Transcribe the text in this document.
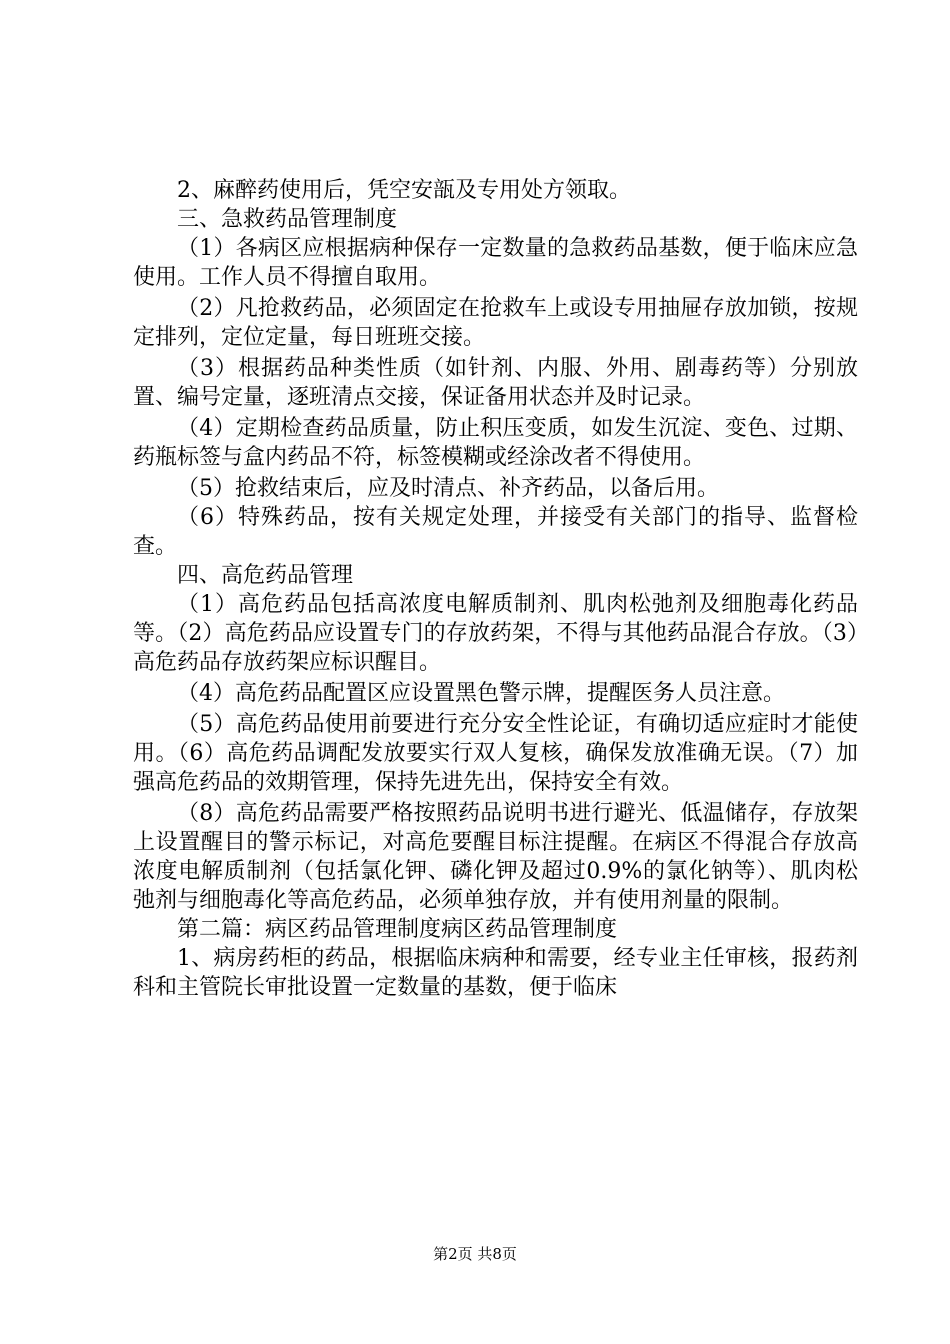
2、麻醉药使用后，凭空安瓿及专用处方领取。

三、急救药品管理制度

（1）各病区应根据病种保存一定数量的急救药品基数，便于临床应急使用。工作人员不得擅自取用。

（2）凡抢救药品，必须固定在抢救车上或设专用抽屉存放加锁，按规定排列，定位定量，每日班班交接。

（3）根据药品种类性质（如针剂、内服、外用、剧毒药等）分别放置、编号定量，逐班清点交接，保证备用状态并及时记录。

（4）定期检查药品质量，防止积压变质，如发生沉淀、变色、过期、药瓶标签与盒内药品不符，标签模糊或经涂改者不得使用。

（5）抢救结束后，应及时清点、补齐药品，以备后用。

（6）特殊药品，按有关规定处理，并接受有关部门的指导、监督检查。

四、高危药品管理

（1）高危药品包括高浓度电解质制剂、肌肉松弛剂及细胞毒化药品等。（2）高危药品应设置专门的存放药架，不得与其他药品混合存放。（3）高危药品存放药架应标识醒目。

（4）高危药品配置区应设置黑色警示牌，提醒医务人员注意。

（5）高危药品使用前要进行充分安全性论证，有确切适应症时才能使用。（6）高危药品调配发放要实行双人复核，确保发放准确无误。（7）加强高危药品的效期管理，保持先进先出，保持安全有效。

（8）高危药品需要严格按照药品说明书进行避光、低温储存，存放架上设置醒目的警示标记，对高危要醒目标注提醒。在病区不得混合存放高浓度电解质制剂（包括氯化钾、磷化钾及超过0.9%的氯化钠等）、肌肉松弛剂与细胞毒化等高危药品，必须单独存放，并有使用剂量的限制。

第二篇：病区药品管理制度病区药品管理制度

1、病房药柜的药品，根据临床病种和需要，经专业主任审核，报药剂科和主管院长审批设置一定数量的基数，便于临床

第2页 共8页
